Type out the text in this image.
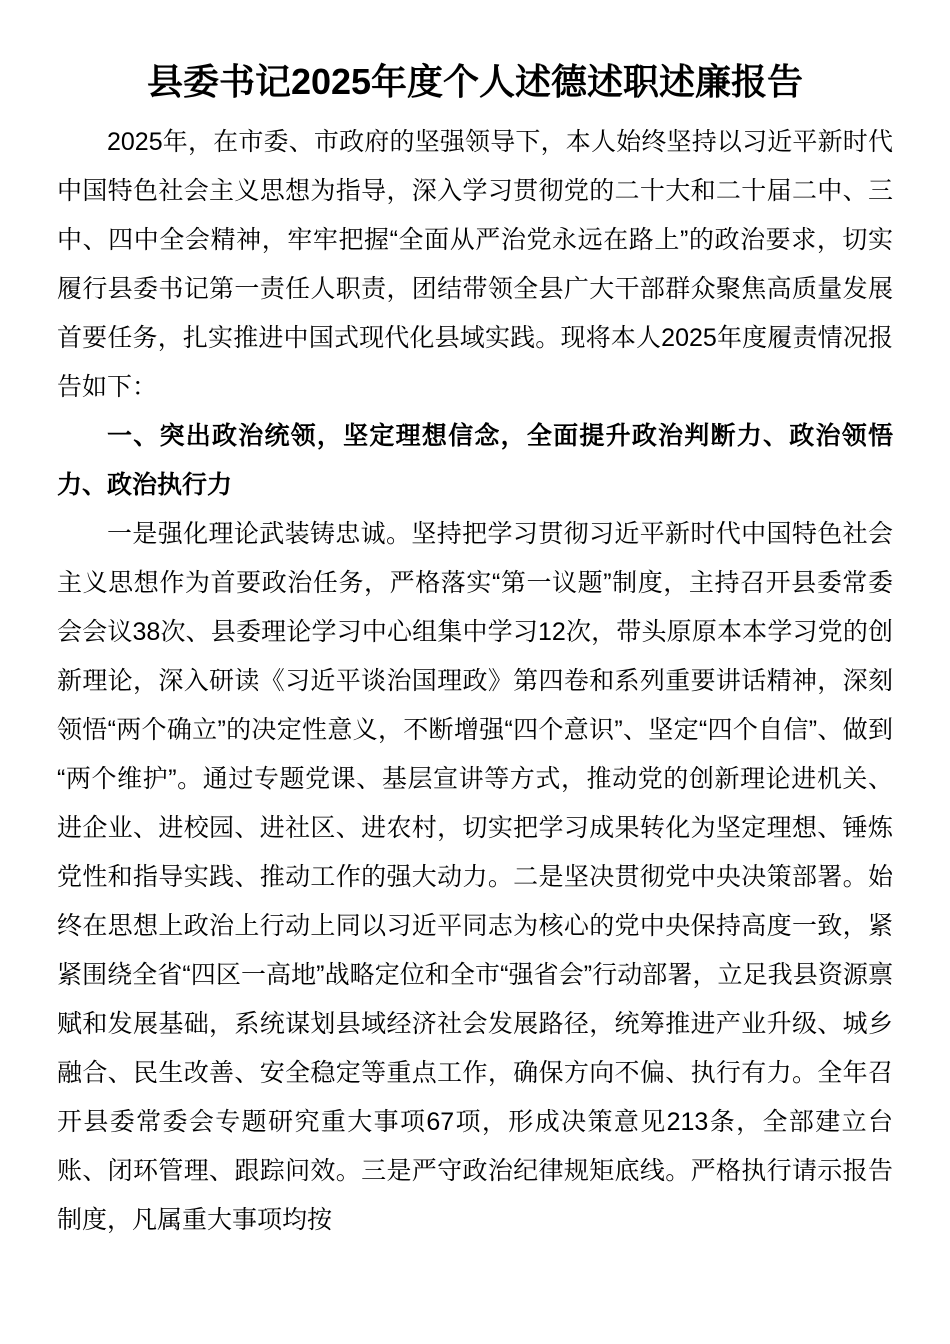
县委书记2025年度个人述德述职述廉报告

2025年，在市委、市政府的坚强领导下，本人始终坚持以习近平新时代中国特色社会主义思想为指导，深入学习贯彻党的二十大和二十届二中、三中、四中全会精神，牢牢把握“全面从严治党永远在路上”的政治要求，切实履行县委书记第一责任人职责，团结带领全县广大干部群众聚焦高质量发展首要任务，扎实推进中国式现代化县域实践。现将本人2025年度履责情况报告如下：

一、突出政治统领，坚定理想信念，全面提升政治判断力、政治领悟力、政治执行力

一是强化理论武装铸忠诚。坚持把学习贯彻习近平新时代中国特色社会主义思想作为首要政治任务，严格落实“第一议题”制度，主持召开县委常委会会议38次、县委理论学习中心组集中学习12次，带头原原本本学习党的创新理论，深入研读《习近平谈治国理政》第四卷和系列重要讲话精神，深刻领悟“两个确立”的决定性意义，不断增强“四个意识”、坚定“四个自信”、做到“两个维护”。通过专题党课、基层宣讲等方式，推动党的创新理论进机关、进企业、进校园、进社区、进农村，切实把学习成果转化为坚定理想、锤炼党性和指导实践、推动工作的强大动力。二是坚决贯彻党中央决策部署。始终在思想上政治上行动上同以习近平同志为核心的党中央保持高度一致，紧紧围绕全省“四区一高地”战略定位和全市“强省会”行动部署，立足我县资源禀赋和发展基础，系统谋划县域经济社会发展路径，统筹推进产业升级、城乡融合、民生改善、安全稳定等重点工作，确保方向不偏、执行有力。全年召开县委常委会专题研究重大事项67项，形成决策意见213条，全部建立台账、闭环管理、跟踪问效。三是严守政治纪律规矩底线。严格执行请示报告制度，凡属重大事项均按
